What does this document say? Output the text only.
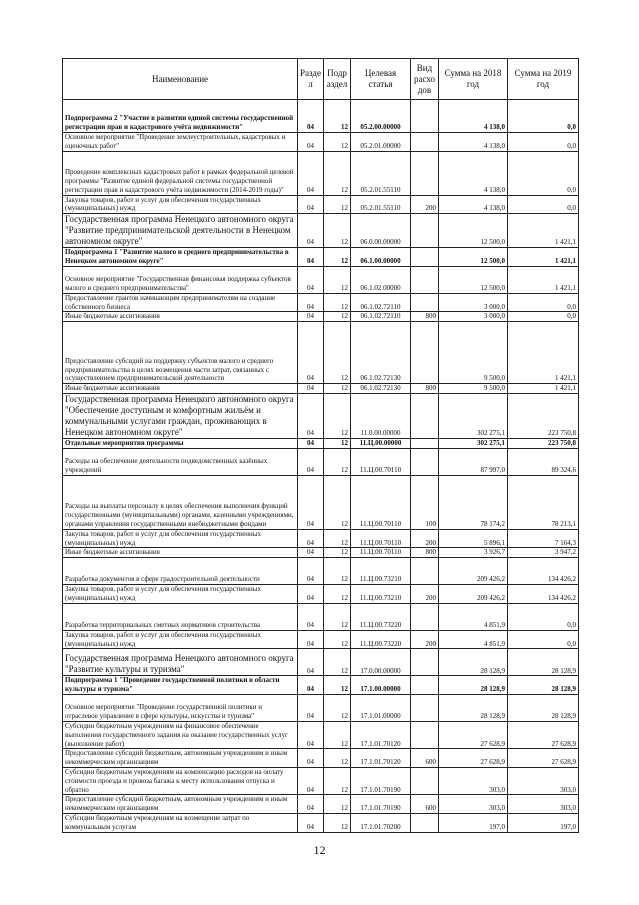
Наименование	Разде л	Подр аздел	Целевая статья	Вид расхо дов	Сумма на 2018 год	Сумма на 2019 год
Подпрограмма 2 "Участие в развитии единой системы государственной регистрации прав и кадастрового учёта недвижимости"	04	12	05.2.00.00000		4 138,0	0,0
Основное мероприятие "Проведение землеустроительных, кадастровых и оценочных работ"	04	12	05.2.01.00000		4 138,0	0,0
Проведение комплексных кадастровых работ в рамках федеральной целевой программы "Развитие единой федеральной системы государственной регистрации прав и кадастрового учёта недвижимости (2014-2019 годы)"	04	12	05.2.01.55110		4 138,0	0,0
Закупка товаров, работ и услуг для обеспечения государственных (муниципальных) нужд	04	12	05.2.01.55110	200	4 138,0	0,0
Государственная программа Ненецкого автономного округа "Развитие предпринимательской деятельности в Ненецком автономном округе"	04	12	06.0.00.00000		12 500,0	1 421,1
Подпрограмма 1 "Развитие малого и среднего предпринимательства в Ненецком автономном округе"	04	12	06.1.00.00000		12 500,0	1 421,1
Основное мероприятие "Государственная финансовая поддержка субъектов малого и среднего предпринимательства"	04	12	06.1.02.00000		12 500,0	1 421,1
Предоставление грантов начинающим предпринимателям на создание собственного бизнеса	04	12	06.1.02.72110		3 000,0	0,0
Иные бюджетные ассигнования	04	12	06.1.02.72110	800	3 000,0	0,0
Предоставление субсидий на поддержку субъектов малого и среднего предпринимательства в целях возмещения части затрат, связанных с осуществлением предпринимательской деятельности	04	12	06.1.02.72130		9 500,0	1 421,1
Иные бюджетные ассигнования	04	12	06.1.02.72130	800	9 500,0	1 421,1
Государственная программа Ненецкого автономного округа "Обеспечение доступным и комфортным жильём и коммунальными услугами граждан, проживающих в Ненецком автономном округе"	04	12	11.0.00.00000		302 275,1	223 750,8
Отдельные мероприятия программы	04	12	11.Ц.00.00000		302 275,1	223 750,8
Расходы на обеспечение деятельности подведомственных казённых учреждений	04	12	11.Ц.00.70110		87 997,0	89 324,6
Расходы на выплаты персоналу в целях обеспечения выполнения функций государственными (муниципальными) органами, казенными учреждениями, органами управления государственными внебюджетными фондами	04	12	11.Ц.00.70110	100	78 174,2	78 213,1
Закупка товаров, работ и услуг для обеспечения государственных (муниципальных) нужд	04	12	11.Ц.00.70110	200	5 896,1	7 164,3
Иные бюджетные ассигнования	04	12	11.Ц.00.70110	800	3 926,7	3 947,2
Разработка документов в сфере градостроительной деятельности	04	12	11.Ц.00.73210		209 426,2	134 426,2
Закупка товаров, работ и услуг для обеспечения государственных (муниципальных) нужд	04	12	11.Ц.00.73210	200	209 426,2	134 426,2
Разработка территориальных сметных нормативов строительства	04	12	11.Ц.00.73220		4 851,9	0,0
Закупка товаров, работ и услуг для обеспечения государственных (муниципальных) нужд	04	12	11.Ц.00.73220	200	4 851,9	0,0
Государственная программа Ненецкого автономного округа "Развитие культуры и туризма"	04	12	17.0.00.00000		28 128,9	28 128,9
Подпрограмма 1 "Проведение государственной политики в области культуры и туризма"	04	12	17.1.00.00000		28 128,9	28 128,9
Основное мероприятие "Проведение государственной политики и отраслевое управление в сфере культуры, искусства и туризма"	04	12	17.1.01.00000		28 128,9	28 128,9
Субсидии бюджетным учреждениям на финансовое обеспечение выполнения государственного задания на оказание государственных услуг (выполнение работ)	04	12	17.1.01.70120		27 628,9	27 628,9
Предоставление субсидий бюджетным, автономным учреждениям и иным некоммерческим организациям	04	12	17.1.01.70120	600	27 628,9	27 628,9
Субсидии бюджетным учреждениям на компенсацию расходов на оплату стоимости проезда и провоза багажа к месту использования отпуска и обратно	04	12	17.1.01.70190		303,0	303,0
Предоставление субсидий бюджетным, автономным учреждениям и иным некоммерческим организациям	04	12	17.1.01.70190	600	303,0	303,0
Субсидии бюджетным учреждениям на возмещение затрат по коммунальным услугам	04	12	17.1.01.70200		197,0	197,0
12
